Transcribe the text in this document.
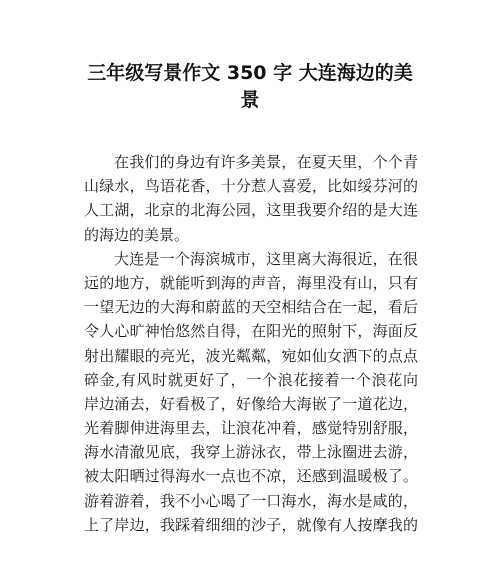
三年级写景作文 350 字 大连海边的美
景
在我们的身边有许多美景，在夏天里，个个青
山绿水，鸟语花香，十分惹人喜爱，比如绥芬河的
人工湖，北京的北海公园，这里我要介绍的是大连
的海边的美景。
大连是一个海滨城市，这里离大海很近，在很
远的地方，就能听到海的声音，海里没有山，只有
一望无边的大海和蔚蓝的天空相结合在一起，看后
令人心旷神怡悠然自得，在阳光的照射下，海面反
射出耀眼的亮光，波光粼粼，宛如仙女洒下的点点
碎金,有风时就更好了，一个浪花接着一个浪花向
岸边涌去，好看极了，好像给大海嵌了一道花边，
光着脚伸进海里去，让浪花冲着，感觉特别舒服，
海水清澈见底，我穿上游泳衣，带上泳圈进去游，
被太阳晒过得海水一点也不凉，还感到温暖极了。
游着游着，我不小心喝了一口海水，海水是咸的，
上了岸边，我踩着细细的沙子，就像有人按摩我的
